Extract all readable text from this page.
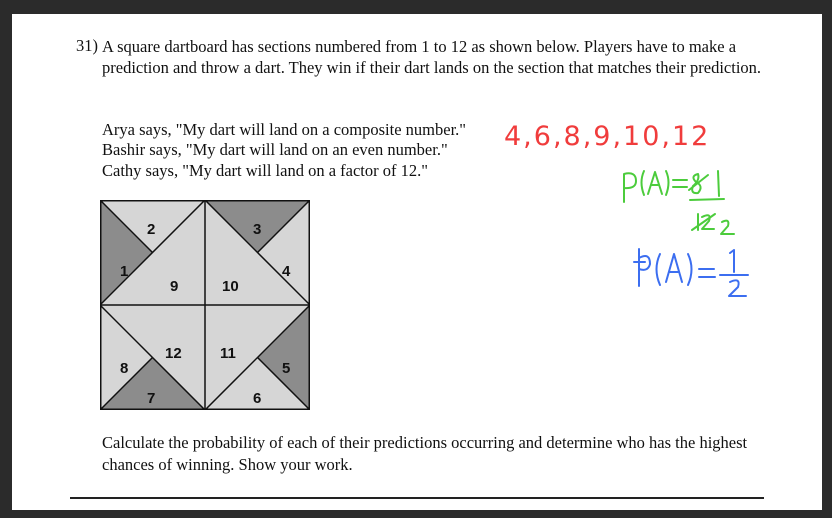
31) A square dartboard has sections numbered from 1 to 12 as shown below. Players have to make a prediction and throw a dart. They win if their dart lands on the section that matches their prediction.
Arya says, "My dart will land on a composite number."
Bashir says, "My dart will land on an even number."
Cathy says, "My dart will land on a factor of 12."
1
2	3
4
5
6
7
8
9	10
11
12
Calculate the probability of each of their predictions occurring and determine who has the highest chances of winning. Show your work.
4,6,8,9,10,12
